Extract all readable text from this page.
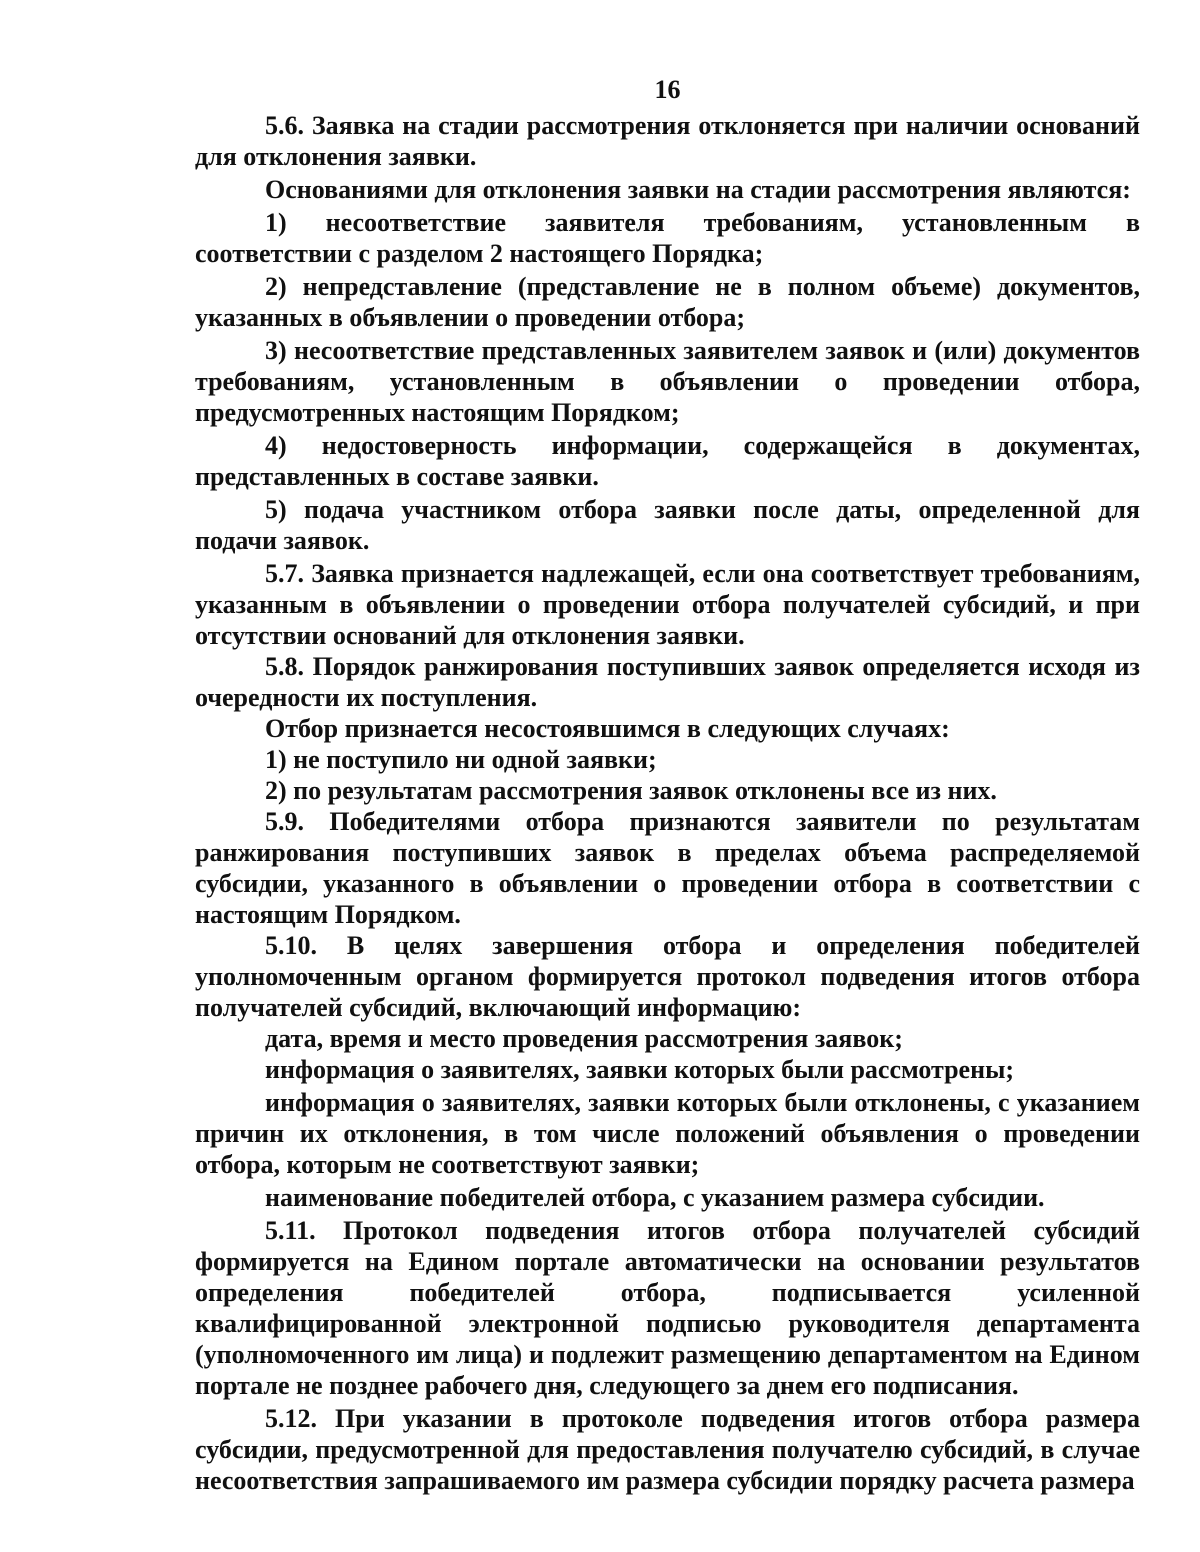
16

5.6. Заявка на стадии рассмотрения отклоняется при наличии оснований для отклонения заявки.

Основаниями для отклонения заявки на стадии рассмотрения являются:

1) несоответствие заявителя требованиям, установленным в соответствии с разделом 2 настоящего Порядка;

2) непредставление (представление не в полном объеме) документов, указанных в объявлении о проведении отбора;

3) несоответствие представленных заявителем заявок и (или) документов требованиям, установленным в объявлении о проведении отбора, предусмотренных настоящим Порядком;

4) недостоверность информации, содержащейся в документах, представленных в составе заявки.

5) подача участником отбора заявки после даты, определенной для подачи заявок.

5.7. Заявка признается надлежащей, если она соответствует требованиям, указанным в объявлении о проведении отбора получателей субсидий, и при отсутствии оснований для отклонения заявки.

5.8. Порядок ранжирования поступивших заявок определяется исходя из очередности их поступления.

Отбор признается несостоявшимся в следующих случаях:

1) не поступило ни одной заявки;

2) по результатам рассмотрения заявок отклонены все из них.

5.9. Победителями отбора признаются заявители по результатам ранжирования поступивших заявок в пределах объема распределяемой субсидии, указанного в объявлении о проведении отбора в соответствии с настоящим Порядком.

5.10. В целях завершения отбора и определения победителей уполномоченным органом формируется протокол подведения итогов отбора получателей субсидий, включающий информацию:

дата, время и место проведения рассмотрения заявок;

информация о заявителях, заявки которых были рассмотрены;

информация о заявителях, заявки которых были отклонены, с указанием причин их отклонения, в том числе положений объявления о проведении отбора, которым не соответствуют заявки;

наименование победителей отбора, с указанием размера субсидии.

5.11. Протокол подведения итогов отбора получателей субсидий формируется на Едином портале автоматически на основании результатов определения победителей отбора, подписывается усиленной квалифицированной электронной подписью руководителя департамента (уполномоченного им лица) и подлежит размещению департаментом на Едином портале не позднее рабочего дня, следующего за днем его подписания.

5.12. При указании в протоколе подведения итогов отбора размера субсидии, предусмотренной для предоставления получателю субсидий, в случае несоответствия запрашиваемого им размера субсидии порядку расчета размера
